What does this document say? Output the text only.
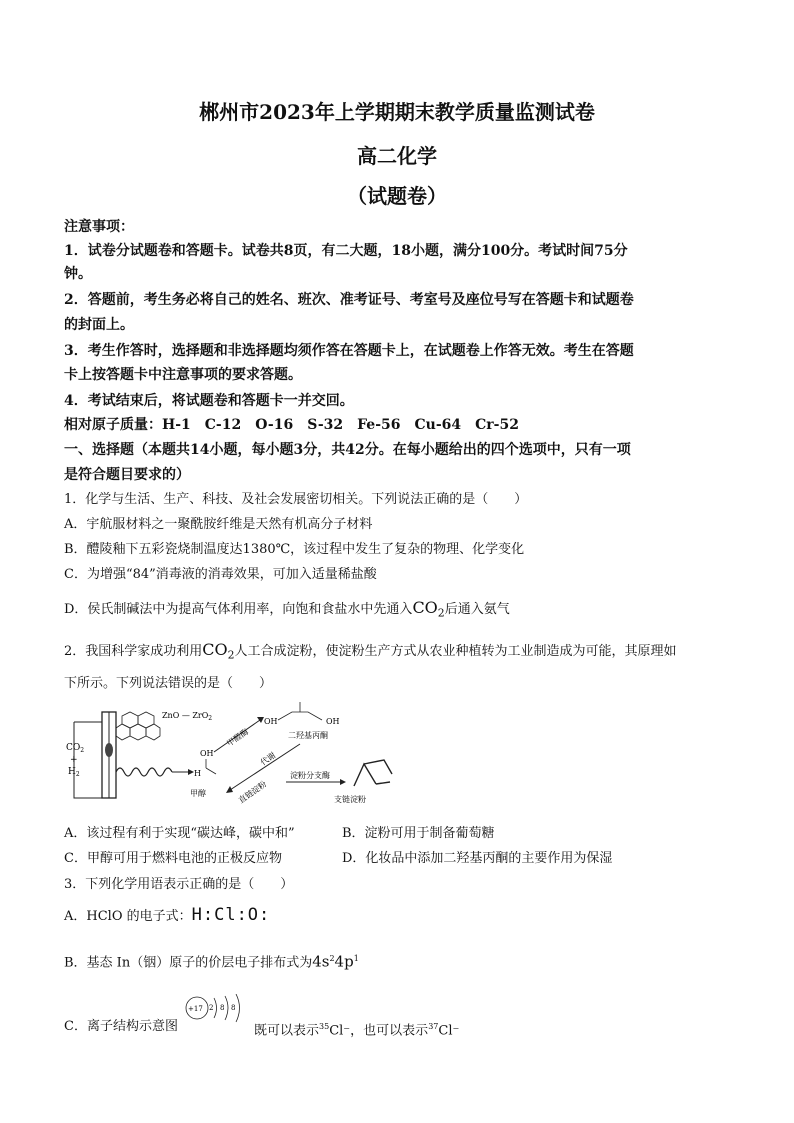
郴州市2023年上学期期末教学质量监测试卷
高二化学
（试题卷）
注意事项：
1．试卷分试题卷和答题卡。试卷共8页，有二大题，18小题，满分100分。考试时间75分
钟。
2．答题前，考生务必将自己的姓名、班次、准考证号、考室号及座位号写在答题卡和试题卷
的封面上。
3．考生作答时，选择题和非选择题均须作答在答题卡上，在试题卷上作答无效。考生在答题
卡上按答题卡中注意事项的要求答题。
4．考试结束后，将试题卷和答题卡一并交回。
相对原子质量：H-1　C-12　O-16　S-32　Fe-56　Cu-64　Cr-52
一、选择题（本题共14小题，每小题3分，共42分。在每小题给出的四个选项中，只有一项
是符合题目要求的）
1．化学与生活、生产、科技、及社会发展密切相关。下列说法正确的是（　　）
A．宇航服材料之一聚酰胺纤维是天然有机高分子材料
B．醴陵釉下五彩瓷烧制温度达1380℃，该过程中发生了复杂的物理、化学变化
C．为增强“84”消毒液的消毒效果，可加入适量稀盐酸
D．侯氏制碱法中为提高气体利用率，向饱和食盐水中先通入$CO_2$后通入氨气
2．我国科学家成功利用$CO_2$人工合成淀粉，使淀粉生产方式从农业种植转为工业制造成为可能，其原理如
下所示。下列说法错误的是（　　）
$CO_2$
+
$H_2$
ZnO — ZrO$_2$
OH
H
甲醇
甲醛酶
OH	OH
二羟基丙酮
代谢
直链淀粉
淀粉分支酶
支链淀粉
A．该过程有利于实现“碳达峰，碳中和”	B．淀粉可用于制备葡萄糖
C．甲醇可用于燃料电池的正极反应物	D．化妆品中添加二羟基丙酮的主要作用为保湿
3．下列化学用语表示正确的是（　　）
A．HClO 的电子式：H:Cl:O:
B．基态 In（铟）原子的价层电子排布式为$4s^24p^1$
C．离子结构示意图
+17 2 8 8
既可以表示$^{35}$Cl⁻，也可以表示$^{37}$Cl⁻
